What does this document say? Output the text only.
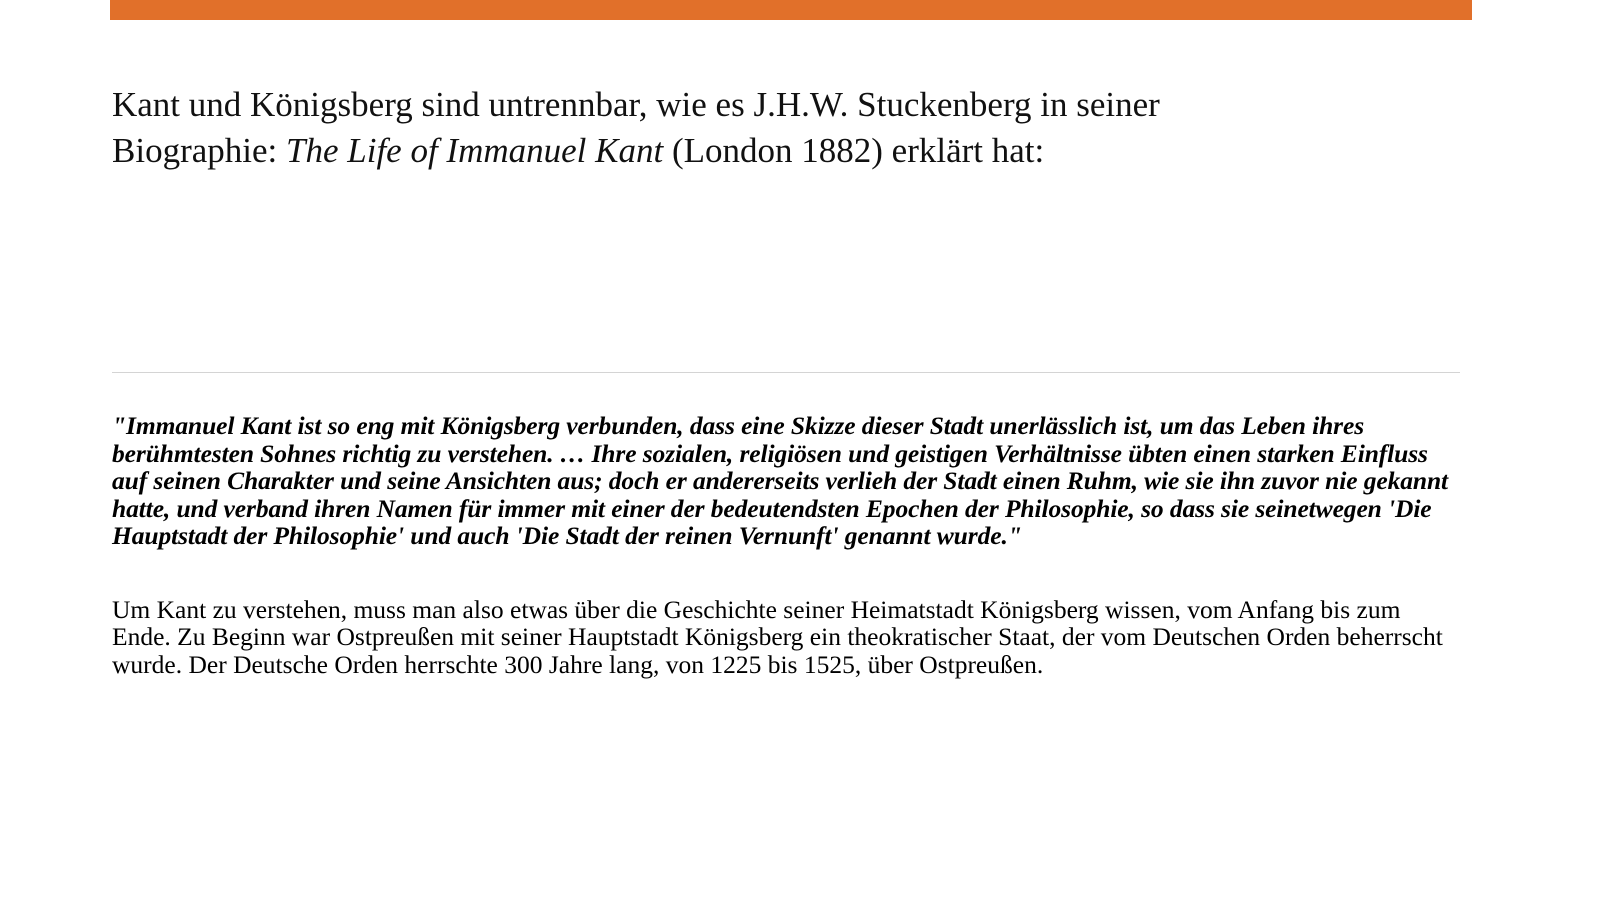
Kant und Königsberg sind untrennbar, wie es J.H.W. Stuckenberg in seiner
Biographie: The Life of Immanuel Kant (London 1882) erklärt hat:

"Immanuel Kant ist so eng mit Königsberg verbunden, dass eine Skizze dieser Stadt unerlässlich ist, um das Leben ihres berühmtesten Sohnes richtig zu verstehen. … Ihre sozialen, religiösen und geistigen Verhältnisse übten einen starken Einfluss auf seinen Charakter und seine Ansichten aus; doch er andererseits verlieh der Stadt einen Ruhm, wie sie ihn zuvor nie gekannt hatte, und verband ihren Namen für immer mit einer der bedeutendsten Epochen der Philosophie, so dass sie seinetwegen 'Die Hauptstadt der Philosophie' und auch 'Die Stadt der reinen Vernunft' genannt wurde."

Um Kant zu verstehen, muss man also etwas über die Geschichte seiner Heimatstadt Königsberg wissen, vom Anfang bis zum Ende. Zu Beginn war Ostpreußen mit seiner Hauptstadt Königsberg ein theokratischer Staat, der vom Deutschen Orden beherrscht wurde. Der Deutsche Orden herrschte 300 Jahre lang, von 1225 bis 1525, über Ostpreußen.
